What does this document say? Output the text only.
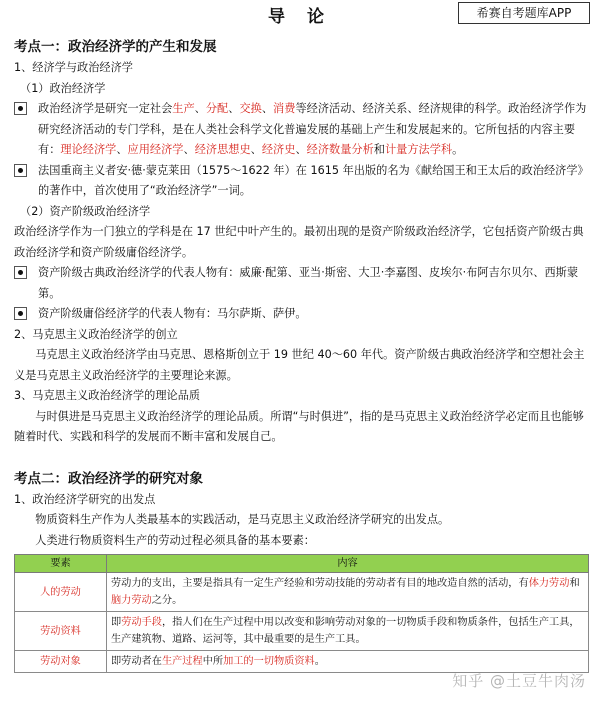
导 论	希赛自考题库APP

考点一：政治经济学的产生和发展

1、经济学与政治经济学

（1）政治经济学

政治经济学是研究一定社会生产、分配、交换、消费等经济活动、经济关系、经济规律的科学。政治经济学作为研究经济活动的专门学科，是在人类社会科学文化普遍发展的基础上产生和发展起来的。它所包括的内容主要有：理论经济学、应用经济学、经济思想史、经济史、经济数量分析和计量方法学科。
法国重商主义者安·德·蒙克莱田（1575～1622 年）在 1615 年出版的名为《献给国王和王太后的政治经济学》的著作中，首次使用了“政治经济学”一词。

（2）资产阶级政治经济学

政治经济学作为一门独立的学科是在 17 世纪中叶产生的。最初出现的是资产阶级政治经济学，它包括资产阶级古典政治经济学和资产阶级庸俗经济学。

资产阶级古典政治经济学的代表人物有：威廉·配第、亚当·斯密、大卫·李嘉图、皮埃尔·布阿吉尔贝尔、西斯蒙第。
资产阶级庸俗经济学的代表人物有：马尔萨斯、萨伊。

2、马克思主义政治经济学的创立

马克思主义政治经济学由马克思、恩格斯创立于 19 世纪 40～60 年代。资产阶级古典政治经济学和空想社会主义是马克思主义政治经济学的主要理论来源。

3、马克思主义政治经济学的理论品质

与时俱进是马克思主义政治经济学的理论品质。所谓“与时俱进”，指的是马克思主义政治经济学必定而且也能够随着时代、实践和科学的发展而不断丰富和发展自己。

考点二：政治经济学的研究对象

1、政治经济学研究的出发点

物质资料生产作为人类最基本的实践活动，是马克思主义政治经济学研究的出发点。

人类进行物质资料生产的劳动过程必须具备的基本要素：

要素	内容
人的劳动	劳动力的支出，主要是指具有一定生产经验和劳动技能的劳动者有目的地改造自然的活动，有体力劳动和脑力劳动之分。
劳动资料	即劳动手段，指人们在生产过程中用以改变和影响劳动对象的一切物质手段和物质条件，包括生产工具，生产建筑物、道路、运河等，其中最重要的是生产工具。
劳动对象	即劳动者在生产过程中所加工的一切物质资料。
知乎 @土豆牛肉汤
